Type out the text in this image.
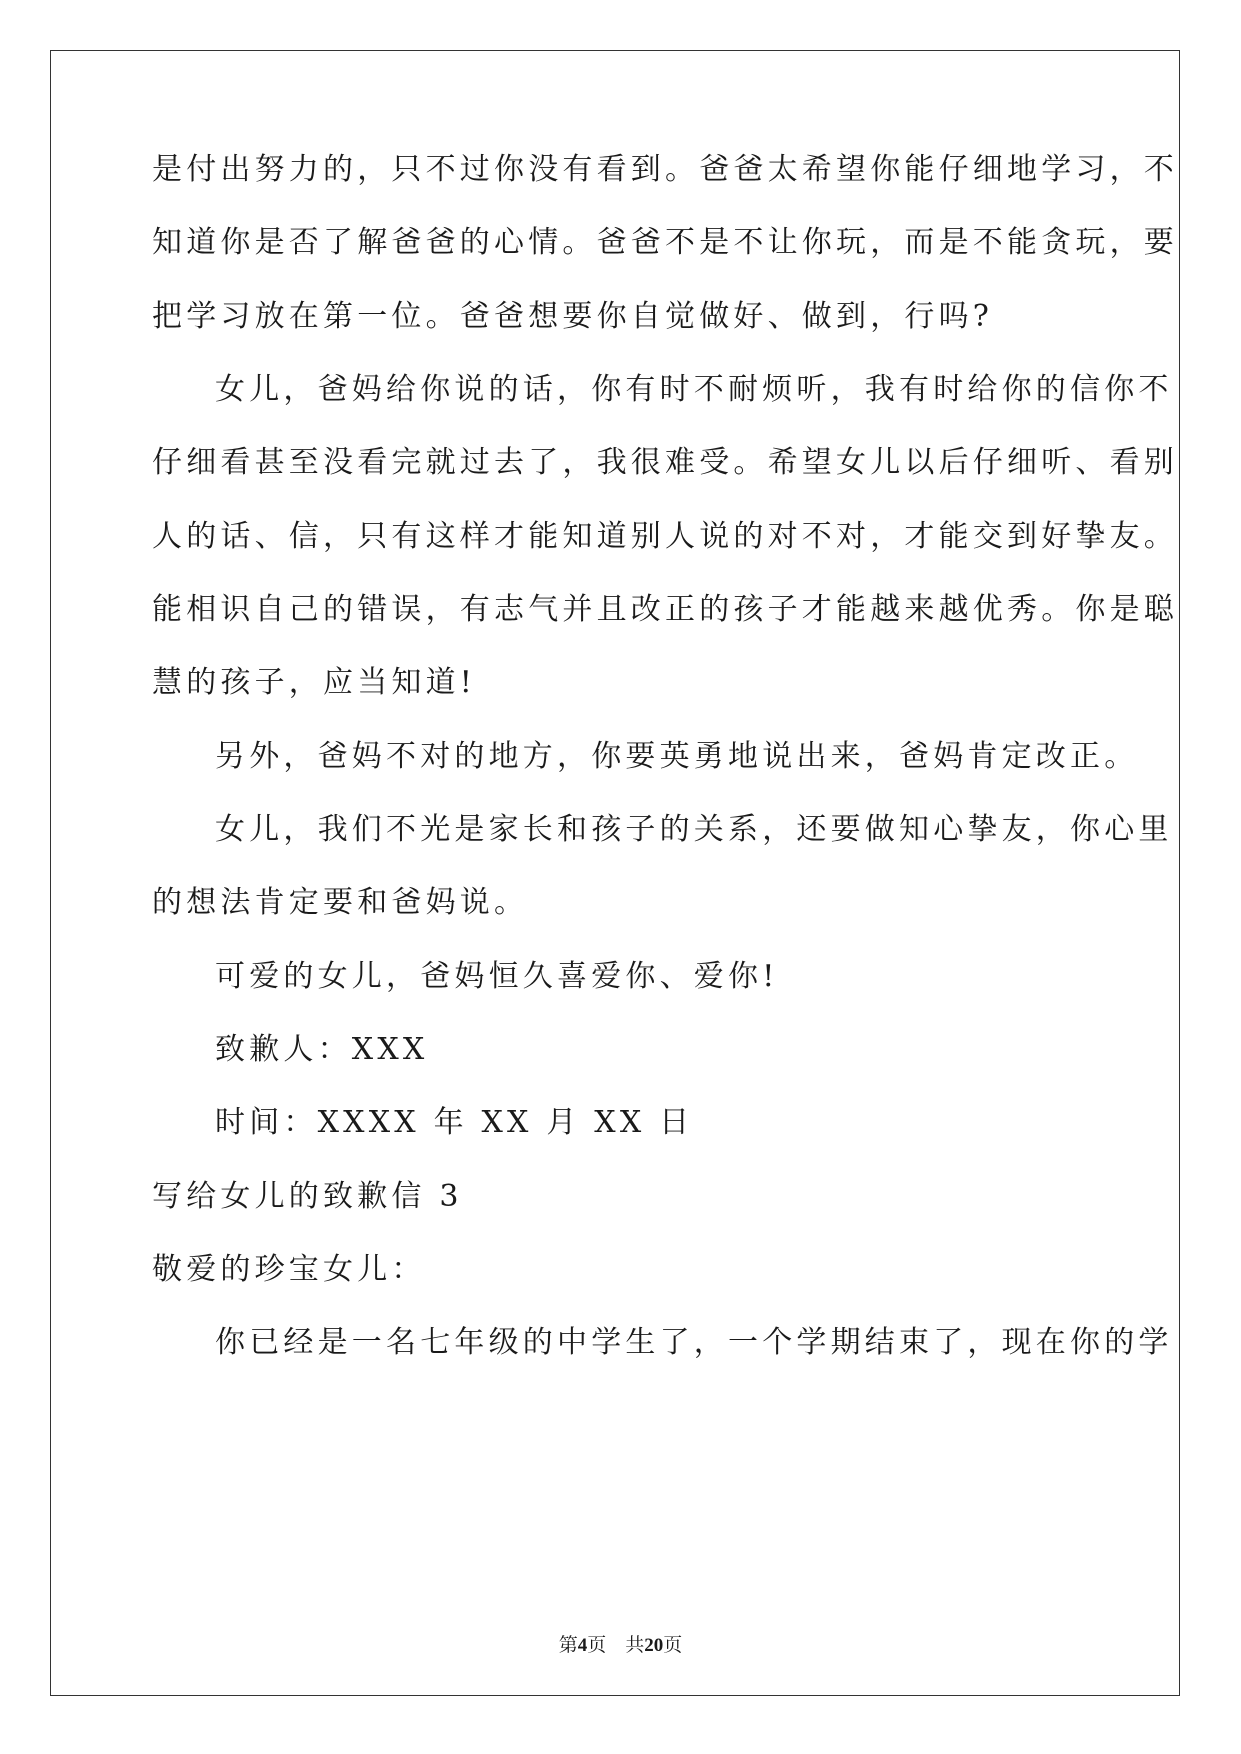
是付出努力的，只不过你没有看到。爸爸太希望你能仔细地学习，不
知道你是否了解爸爸的心情。爸爸不是不让你玩，而是不能贪玩，要
把学习放在第一位。爸爸想要你自觉做好、做到，行吗?
女儿，爸妈给你说的话，你有时不耐烦听，我有时给你的信你不
仔细看甚至没看完就过去了，我很难受。希望女儿以后仔细听、看别
人的话、信，只有这样才能知道别人说的对不对，才能交到好挚友。
能相识自己的错误，有志气并且改正的孩子才能越来越优秀。你是聪
慧的孩子，应当知道!
另外，爸妈不对的地方，你要英勇地说出来，爸妈肯定改正。
女儿，我们不光是家长和孩子的关系，还要做知心挚友，你心里
的想法肯定要和爸妈说。
可爱的女儿，爸妈恒久喜爱你、爱你!
致歉人：XXX
时间：XXXX 年 XX 月 XX 日
写给女儿的致歉信 3
敬爱的珍宝女儿：
你已经是一名七年级的中学生了，一个学期结束了，现在你的学
第4页 共20页
